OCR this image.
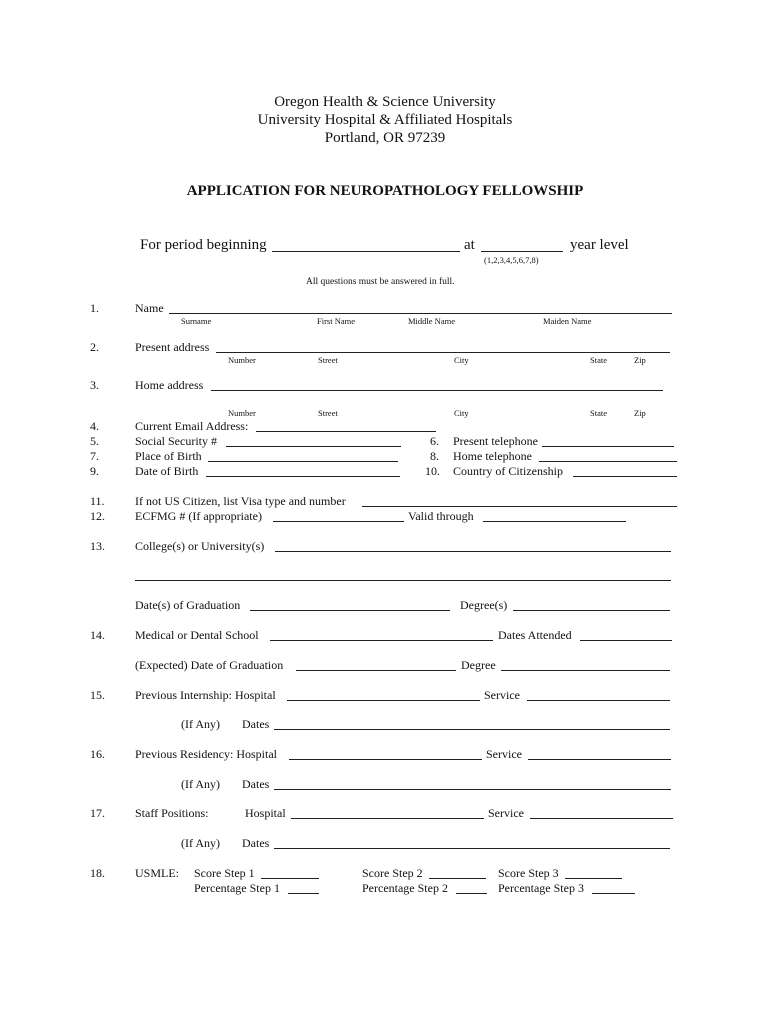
Oregon Health & Science University
University Hospital & Affiliated Hospitals
Portland, OR 97239
APPLICATION FOR NEUROPATHOLOGY FELLOWSHIP
For period beginning	at	year level
(1,2,3,4,5,6,7,8)
All questions must be answered in full.
1.	Name
Surname	First Name	Middle Name	Maiden Name
2.	Present address
Number	Street	City	State	Zip
3.	Home address
Number	Street	City	State	Zip
4.	Current Email Address:
5.	Social Security #	6. Present telephone
7.	Place of Birth	8. Home telephone
9.	Date of Birth	10. Country of Citizenship
11.	If not US Citizen, list Visa type and number
12.	ECFMG # (If appropriate)	Valid through
13.	College(s) or University(s)
Date(s) of Graduation	Degree(s)
14.	Medical or Dental School	Dates Attended
(Expected) Date of Graduation	Degree
15.	Previous Internship: Hospital	Service
(If Any) Dates
16.	Previous Residency: Hospital	Service
(If Any) Dates
17.	Staff Positions:	Hospital	Service
(If Any) Dates
18.	USMLE: Score Step 1	Score Step 2	Score Step 3
Percentage Step 1	Percentage Step 2	Percentage Step 3
